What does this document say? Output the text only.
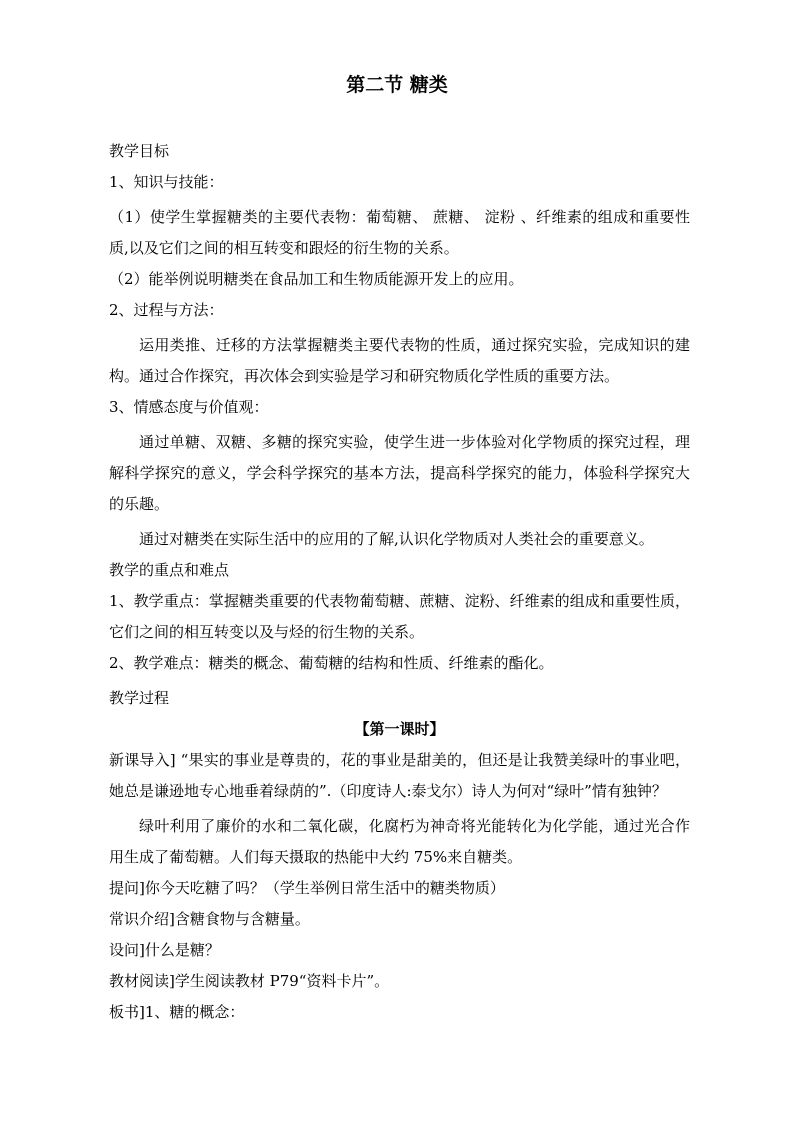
第二节 糖类

教学目标

1、知识与技能：

（1）使学生掌握糖类的主要代表物：葡萄糖、 蔗糖、 淀粉 、纤维素的组成和重要性质,以及它们之间的相互转变和跟烃的衍生物的关系。

（2）能举例说明糖类在食品加工和生物质能源开发上的应用。

2、过程与方法：

运用类推、迁移的方法掌握糖类主要代表物的性质，通过探究实验，完成知识的建构。通过合作探究，再次体会到实验是学习和研究物质化学性质的重要方法。

3、情感态度与价值观：

通过单糖、双糖、多糖的探究实验，使学生进一步体验对化学物质的探究过程，理解科学探究的意义，学会科学探究的基本方法，提高科学探究的能力，体验科学探究大的乐趣。

通过对糖类在实际生活中的应用的了解,认识化学物质对人类社会的重要意义。

教学的重点和难点

1、教学重点：掌握糖类重要的代表物葡萄糖、蔗糖、淀粉、纤维素的组成和重要性质，它们之间的相互转变以及与烃的衍生物的关系。

2、教学难点：糖类的概念、葡萄糖的结构和性质、纤维素的酯化。

教学过程

【第一课时】

新课导入] “果实的事业是尊贵的，花的事业是甜美的，但还是让我赞美绿叶的事业吧，她总是谦逊地专心地垂着绿荫的”.（印度诗人:泰戈尔）诗人为何对“绿叶”情有独钟？

绿叶利用了廉价的水和二氧化碳，化腐朽为神奇将光能转化为化学能，通过光合作用生成了葡萄糖。人们每天摄取的热能中大约 75%来自糖类。

提问]你今天吃糖了吗？（学生举例日常生活中的糖类物质）

常识介绍]含糖食物与含糖量。

设问]什么是糖？

教材阅读]学生阅读教材 P79“资料卡片”。

板书]1、糖的概念：
